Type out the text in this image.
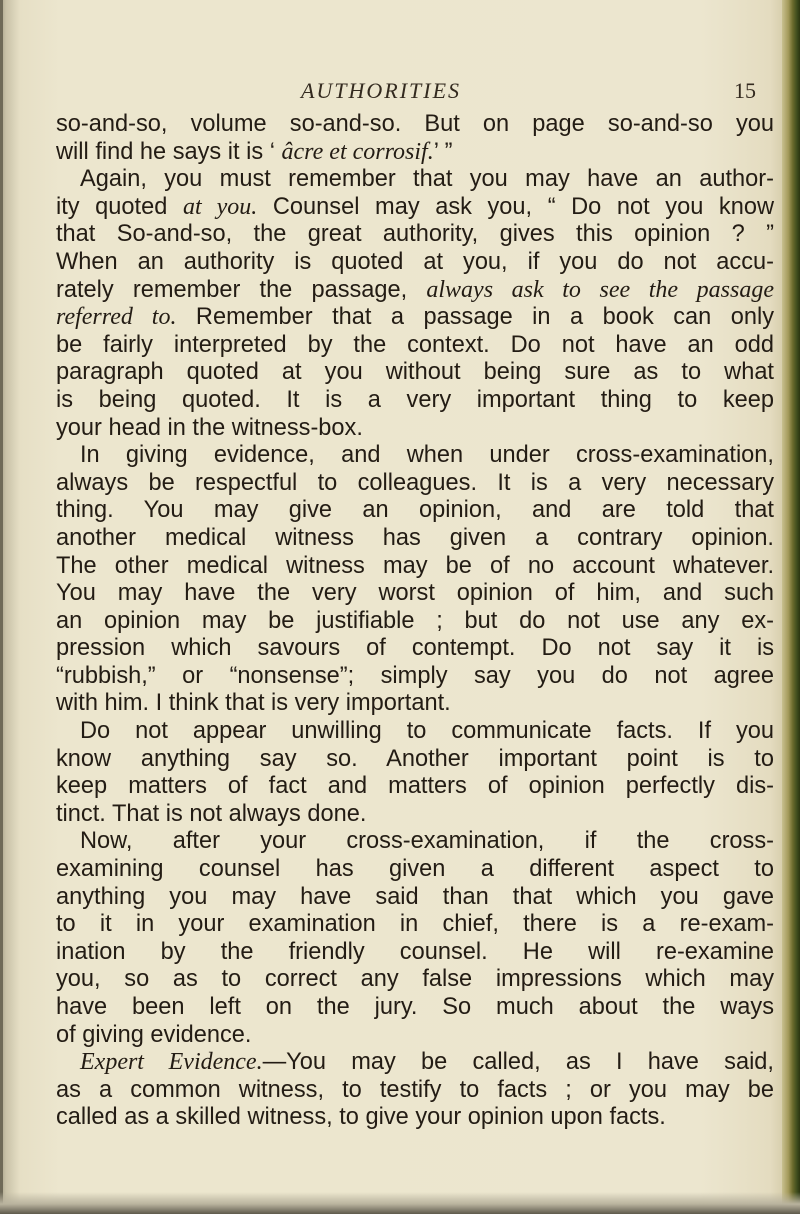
AUTHORITIES	15
so-and-so, volume so-and-so. But on page so-and-so you
will find he says it is ‘ âcre et corrosif.’ ”
Again, you must remember that you may have an author-
ity quoted at you. Counsel may ask you, “ Do not you know
that So-and-so, the great authority, gives this opinion ? ”
When an authority is quoted at you, if you do not accu-
rately remember the passage, always ask to see the passage
referred to. Remember that a passage in a book can only
be fairly interpreted by the context. Do not have an odd
paragraph quoted at you without being sure as to what
is being quoted. It is a very important thing to keep
your head in the witness-box.
In giving evidence, and when under cross-examination,
always be respectful to colleagues. It is a very necessary
thing. You may give an opinion, and are told that
another medical witness has given a contrary opinion.
The other medical witness may be of no account whatever.
You may have the very worst opinion of him, and such
an opinion may be justifiable ; but do not use any ex-
pression which savours of contempt. Do not say it is
“rubbish,” or “nonsense”; simply say you do not agree
with him. I think that is very important.
Do not appear unwilling to communicate facts. If you
know anything say so. Another important point is to
keep matters of fact and matters of opinion perfectly dis-
tinct. That is not always done.
Now, after your cross-examination, if the cross-
examining counsel has given a different aspect to
anything you may have said than that which you gave
to it in your examination in chief, there is a re-exam-
ination by the friendly counsel. He will re-examine
you, so as to correct any false impressions which may
have been left on the jury. So much about the ways
of giving evidence.
Expert Evidence.—You may be called, as I have said,
as a common witness, to testify to facts ; or you may be
called as a skilled witness, to give your opinion upon facts.
